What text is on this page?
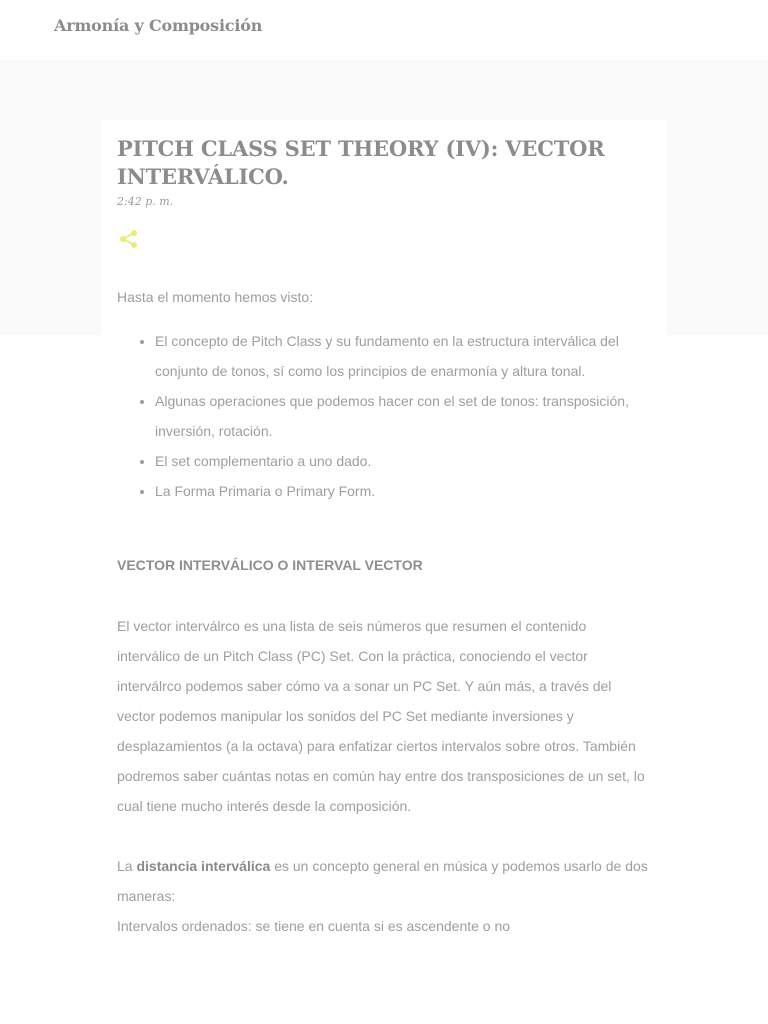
Armonía y Composición
PITCH CLASS SET THEORY (IV): VECTOR INTERVÁLICO.
2:42 p. m.

Hasta el momento hemos visto:

• El concepto de Pitch Class y su fundamento en la estructura interválica del conjunto de tonos, sí como los principios de enarmonía y altura tonal.
• Algunas operaciones que podemos hacer con el set de tonos: transposición, inversión, rotación.
• El set complementario a uno dado.
• La Forma Primaria o Primary Form.

VECTOR INTERVÁLICO O INTERVAL VECTOR

El vector interválrco es una lista de seis números que resumen el contenido interválico de un Pitch Class (PC) Set. Con la práctica, conociendo el vector interválrco podemos saber cómo va a sonar un PC Set. Y aún más, a través del vector podemos manipular los sonidos del PC Set mediante inversiones y desplazamientos (a la octava) para enfatizar ciertos intervalos sobre otros. También podremos saber cuántas notas en común hay entre dos transposiciones de un set, lo cual tiene mucho interés desde la composición.

La distancia interválica es un concepto general en música y podemos usarlo de dos maneras:

Intervalos ordenados: se tiene en cuenta si es ascendente o no
